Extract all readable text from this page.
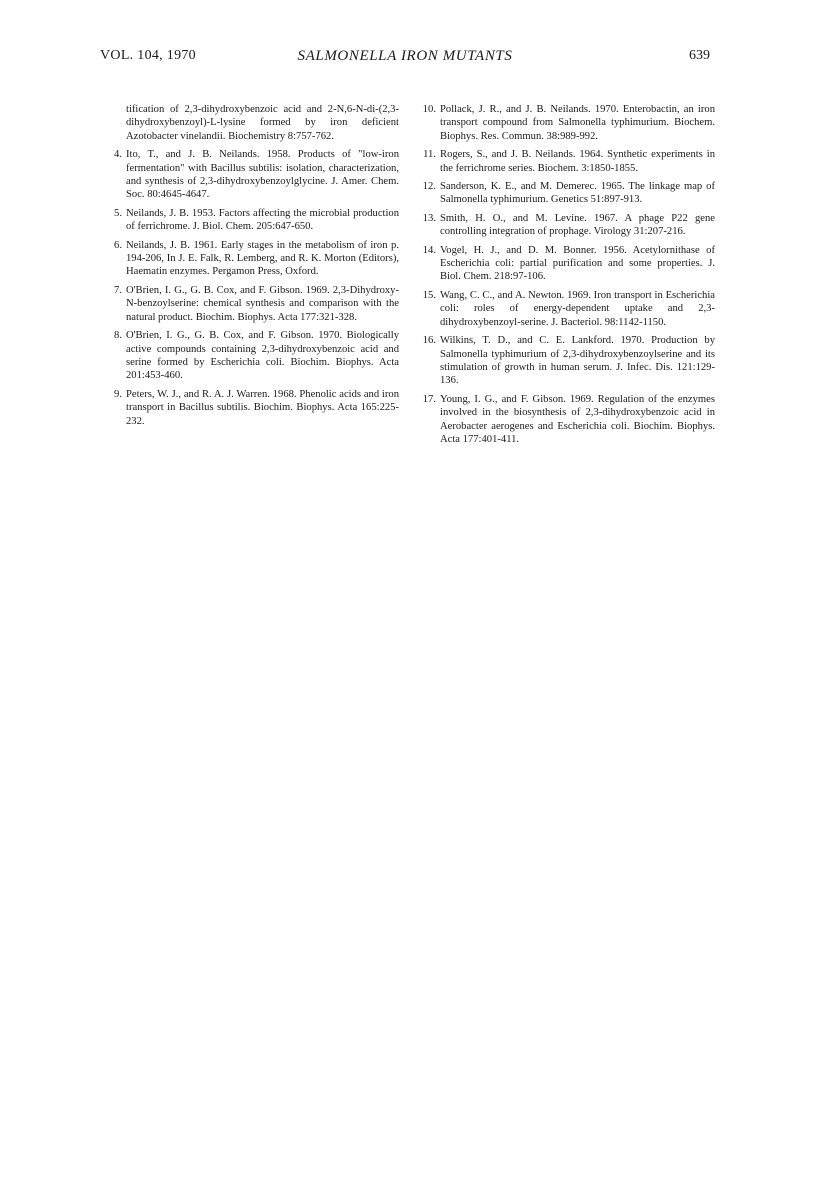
SALMONELLA IRON MUTANTS
VOL. 104, 1970	639
tification of 2,3-dihydroxybenzoic acid and 2-N,6-N-di-(2,3-dihydroxybenzoyl)-L-lysine formed by iron deficient Azotobacter vinelandii. Biochemistry 8:757-762.
4. Ito, T., and J. B. Neilands. 1958. Products of "low-iron fermentation" with Bacillus subtilis: isolation, characterization, and synthesis of 2,3-dihydroxybenzoylglycine. J. Amer. Chem. Soc. 80:4645-4647.
5. Neilands, J. B. 1953. Factors affecting the microbial production of ferrichrome. J. Biol. Chem. 205:647-650.
6. Neilands, J. B. 1961. Early stages in the metabolism of iron p. 194-206, In J. E. Falk, R. Lemberg, and R. K. Morton (Editors), Haematin enzymes. Pergamon Press, Oxford.
7. O'Brien, I. G., G. B. Cox, and F. Gibson. 1969. 2,3-Dihydroxy-N-benzoylserine: chemical synthesis and comparison with the natural product. Biochim. Biophys. Acta 177:321-328.
8. O'Brien, I. G., G. B. Cox, and F. Gibson. 1970. Biologically active compounds containing 2,3-dihydroxybenzoic acid and serine formed by Escherichia coli. Biochim. Biophys. Acta 201:453-460.
9. Peters, W. J., and R. A. J. Warren. 1968. Phenolic acids and iron transport in Bacillus subtilis. Biochim. Biophys. Acta 165:225-232.
10. Pollack, J. R., and J. B. Neilands. 1970. Enterobactin, an iron transport compound from Salmonella typhimurium. Biochem. Biophys. Res. Commun. 38:989-992.
11. Rogers, S., and J. B. Neilands. 1964. Synthetic experiments in the ferrichrome series. Biochem. 3:1850-1855.
12. Sanderson, K. E., and M. Demerec. 1965. The linkage map of Salmonella typhimurium. Genetics 51:897-913.
13. Smith, H. O., and M. Levine. 1967. A phage P22 gene controlling integration of prophage. Virology 31:207-216.
14. Vogel, H. J., and D. M. Bonner. 1956. Acetylornithase of Escherichia coli: partial purification and some properties. J. Biol. Chem. 218:97-106.
15. Wang, C. C., and A. Newton. 1969. Iron transport in Escherichia coli: roles of energy-dependent uptake and 2,3-dihydroxybenzoyl-serine. J. Bacteriol. 98:1142-1150.
16. Wilkins, T. D., and C. E. Lankford. 1970. Production by Salmonella typhimurium of 2,3-dihydroxybenzoylserine and its stimulation of growth in human serum. J. Infec. Dis. 121:129-136.
17. Young, I. G., and F. Gibson. 1969. Regulation of the enzymes involved in the biosynthesis of 2,3-dihydroxybenzoic acid in Aerobacter aerogenes and Escherichia coli. Biochim. Biophys. Acta 177:401-411.
